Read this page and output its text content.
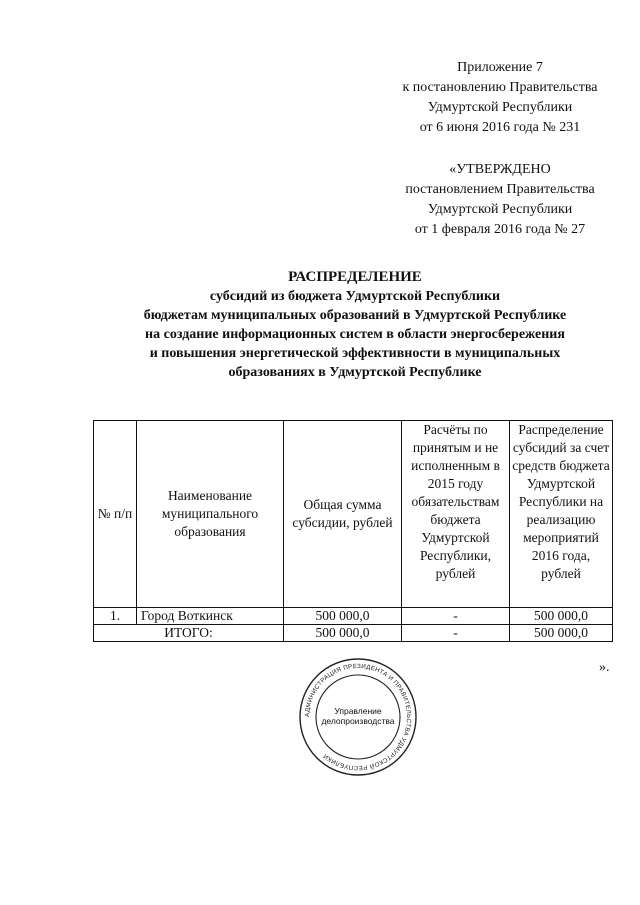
Приложение 7
к постановлению Правительства
Удмуртской Республики
от 6 июня 2016 года № 231
«УТВЕРЖДЕНО
постановлением Правительства
Удмуртской Республики
от 1 февраля 2016 года № 27
РАСПРЕДЕЛЕНИЕ
субсидий из бюджета Удмуртской Республики
бюджетам муниципальных образований в Удмуртской Республике
на создание информационных систем в области энергосбережения
и повышения энергетической эффективности в муниципальных
образованиях в Удмуртской Республике
№ п/п	Наименование муниципального образования	Общая сумма субсидии, рублей	Расчёты по принятым и не исполненным в 2015 году обязательствам бюджета Удмуртской Республики, рублей	Распределение субсидий за счет средств бюджета Удмуртской Республики на реализацию мероприятий 2016 года, рублей
1.	Город Воткинск	500 000,0	-	500 000,0
ИТОГО:		500 000,0	-	500 000,0
».
АДМИНИСТРАЦИЯ ПРЕЗИДЕНТА И ПРАВИТЕЛЬСТВА УДМУРТСКОЙ РЕСПУБЛИКИ
Управление
делопроизводства
